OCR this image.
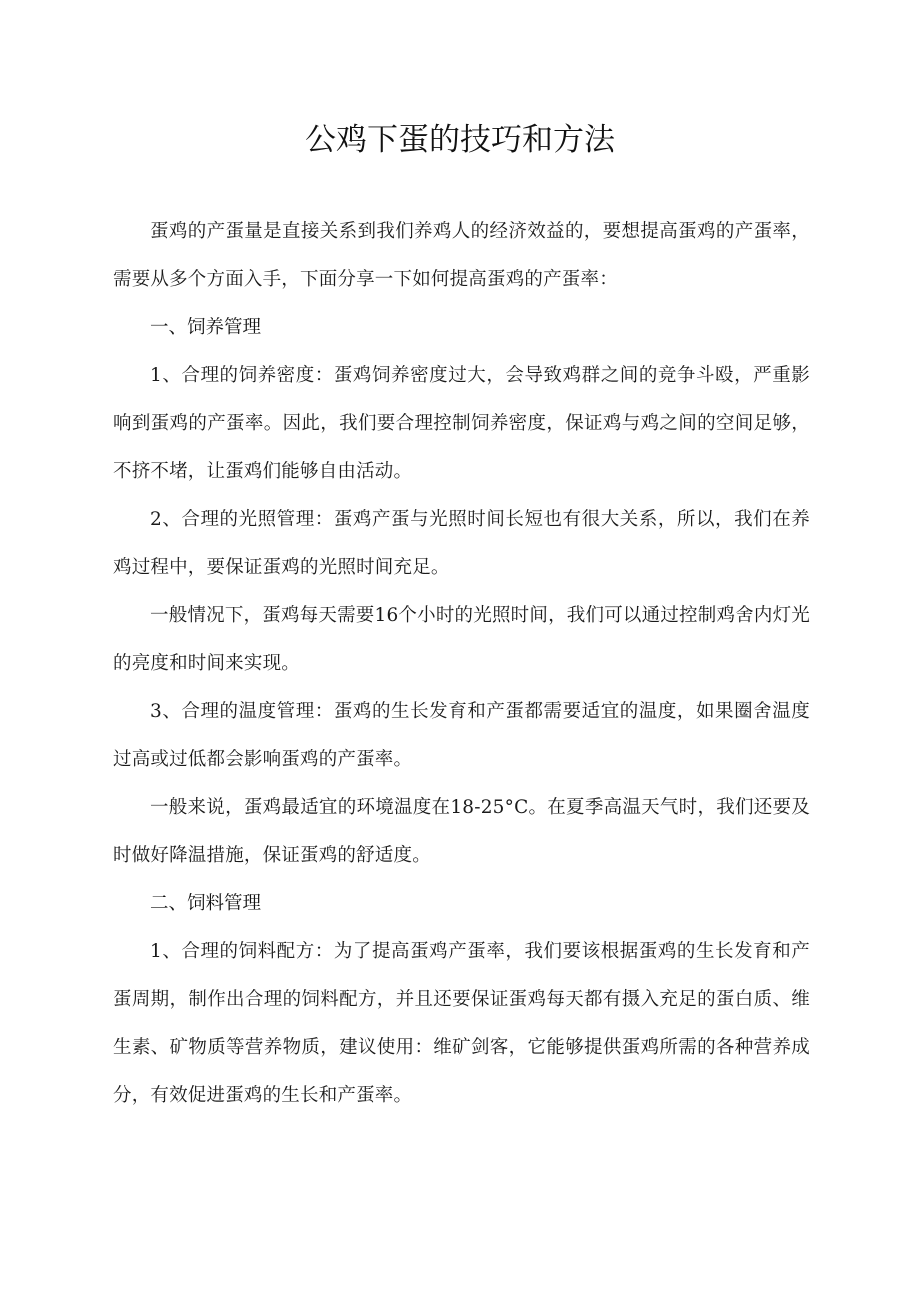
公鸡下蛋的技巧和方法

蛋鸡的产蛋量是直接关系到我们养鸡人的经济效益的，要想提高蛋鸡的产蛋率，需要从多个方面入手，下面分享一下如何提高蛋鸡的产蛋率：

一、饲养管理

1、合理的饲养密度：蛋鸡饲养密度过大，会导致鸡群之间的竞争斗殴，严重影响到蛋鸡的产蛋率。因此，我们要合理控制饲养密度，保证鸡与鸡之间的空间足够，不挤不堵，让蛋鸡们能够自由活动。

2、合理的光照管理：蛋鸡产蛋与光照时间长短也有很大关系，所以，我们在养鸡过程中，要保证蛋鸡的光照时间充足。

一般情况下，蛋鸡每天需要16个小时的光照时间，我们可以通过控制鸡舍内灯光的亮度和时间来实现。

3、合理的温度管理：蛋鸡的生长发育和产蛋都需要适宜的温度，如果圈舍温度过高或过低都会影响蛋鸡的产蛋率。

一般来说，蛋鸡最适宜的环境温度在18-25°C。在夏季高温天气时，我们还要及时做好降温措施，保证蛋鸡的舒适度。

二、饲料管理

1、合理的饲料配方：为了提高蛋鸡产蛋率，我们要该根据蛋鸡的生长发育和产蛋周期，制作出合理的饲料配方，并且还要保证蛋鸡每天都有摄入充足的蛋白质、维生素、矿物质等营养物质，建议使用：维矿剑客，它能够提供蛋鸡所需的各种营养成分，有效促进蛋鸡的生长和产蛋率。
